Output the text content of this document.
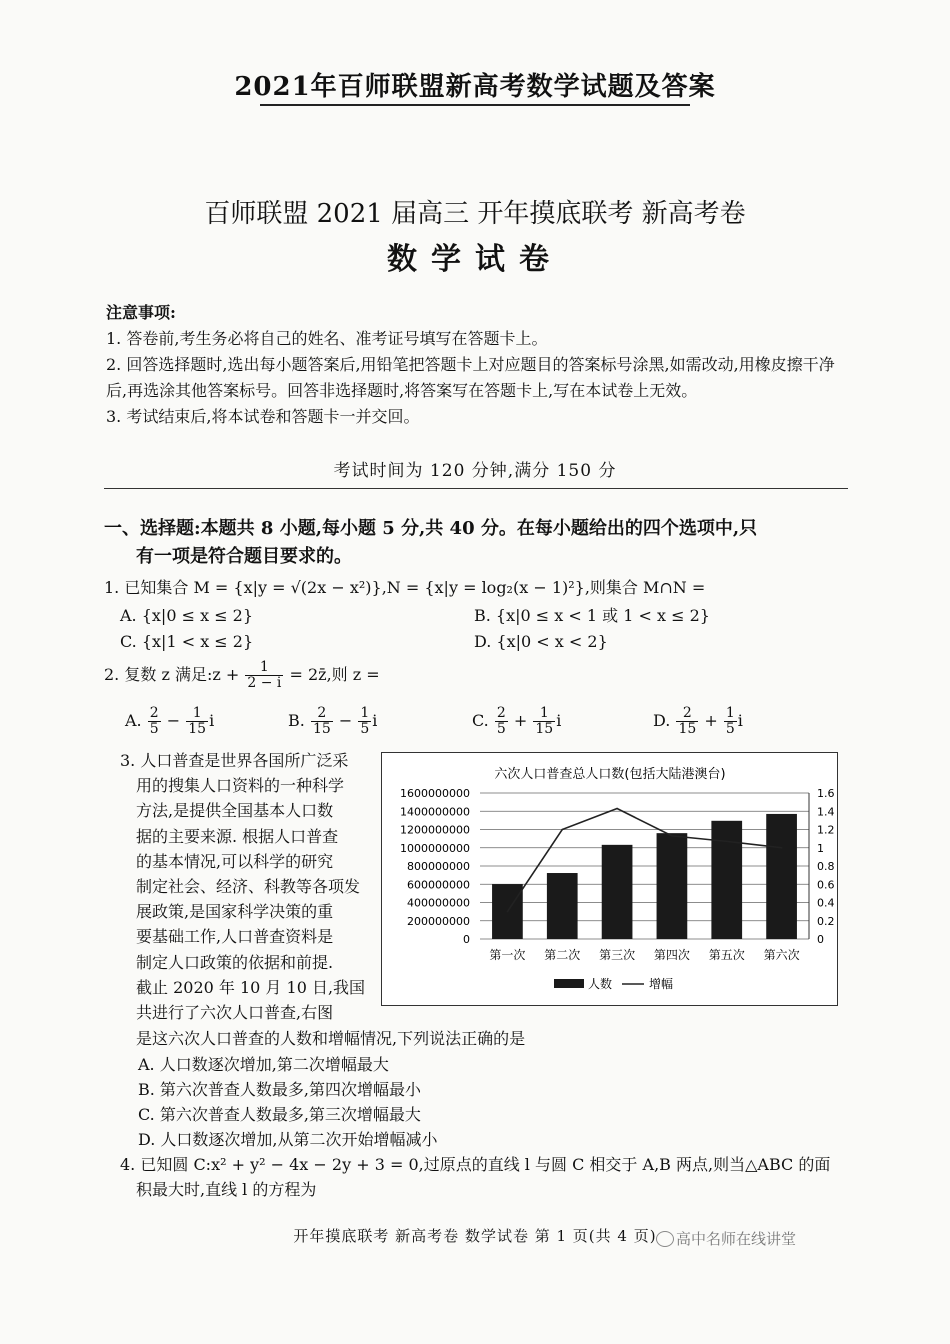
2021年百师联盟新高考数学试题及答案
百师联盟 2021 届高三 开年摸底联考 新高考卷
数学试卷

注意事项:

1. 答卷前,考生务必将自己的姓名、准考证号填写在答题卡上。

2. 回答选择题时,选出每小题答案后,用铅笔把答题卡上对应题目的答案标号涂黑,如需改动,用橡皮擦干净后,再选涂其他答案标号。回答非选择题时,将答案写在答题卡上,写在本试卷上无效。

3. 考试结束后,将本试卷和答题卡一并交回。

考试时间为 120 分钟,满分 150 分
一、选择题:本题共 8 小题,每小题 5 分,共 40 分。在每小题给出的四个选项中,只
有一项是符合题目要求的。
1. 已知集合 M = {x|y = √(2x − x²)},N = {x|y = log₂(x − 1)²},则集合 M∩N =
A. {x|0 ≤ x ≤ 2}	B. {x|0 ≤ x < 1 或 1 < x ≤ 2}
C. {x|1 < x ≤ 2}	D. {x|0 < x < 2}
2. 复数 z 满足:z + $\frac{1}{2 - i}$ = 2z̄,则 z =
A. $\frac{2}{5} - \frac{1}{15}$ i	B. $\frac{2}{15} - \frac{1}{5}$ i	C. $\frac{2}{5} + \frac{1}{15}$ i	D. $\frac{2}{15} + \frac{1}{5}$ i
3. 人口普查是世界各国所广泛采
用的搜集人口资料的一种科学
方法,是提供全国基本人口数
据的主要来源. 根据人口普查
的基本情况,可以科学的研究
制定社会、经济、科教等各项发
展政策,是国家科学决策的重
要基础工作,人口普查资料是
制定人口政策的依据和前提.
截止 2020 年 10 月 10 日,我国
共进行了六次人口普查,右图
六次人口普查总人口数(包括大陆港澳台)
1600000000
1400000000
1200000000
1000000000
800000000
600000000
400000000
200000000
0
1.6
1.4
1.2
1
0.8
0.6
0.4
0.2
0
第一次 第二次 第三次 第四次 第五次 第六次
人数	增幅
是这六次人口普查的人数和增幅情况,下列说法正确的是
A. 人口数逐次增加,第二次增幅最大
B. 第六次普查人数最多,第四次增幅最小
C. 第六次普查人数最多,第三次增幅最大
D. 人口数逐次增加,从第二次开始增幅减小
4. 已知圆 C:x² + y² − 4x − 2y + 3 = 0,过原点的直线 l 与圆 C 相交于 A,B 两点,则当△ABC 的面
积最大时,直线 l 的方程为
开年摸底联考 新高考卷 数学试卷 第 1 页(共 4 页)	高中名师在线讲堂
